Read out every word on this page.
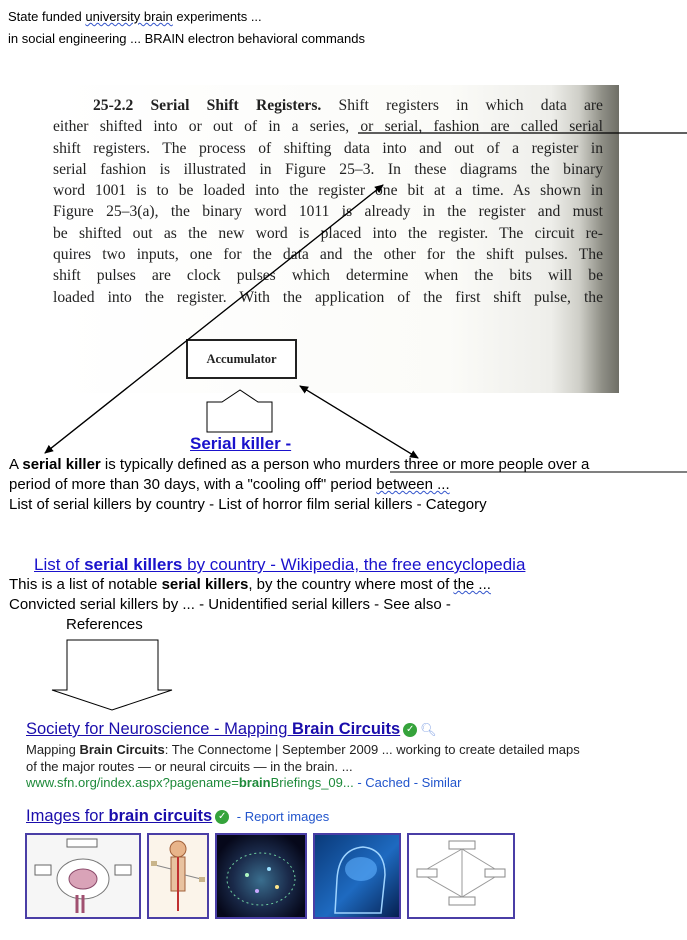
State funded university brain experiments ...
in social engineering ... BRAIN electron behavioral commands
25-2.2 Serial Shift Registers. Shift registers in which data are
either shifted into or out of in a series, or serial, fashion are called serial
shift registers. The process of shifting data into and out of a register in
serial fashion is illustrated in Figure 25–3. In these diagrams the binary
word 1001 is to be loaded into the register one bit at a time. As shown in
Figure 25–3(a), the binary word 1011 is already in the register and must
be shifted out as the new word is placed into the register. The circuit re-
quires two inputs, one for the data and the other for the shift pulses. The
shift pulses are clock pulses which determine when the bits will be
loaded into the register. With the application of the first shift pulse, the
Accumulator
Serial killer -
A serial killer is typically defined as a person who murders three or more people over a
period of more than 30 days, with a "cooling off" period between ...
List of serial killers by country - List of horror film serial killers - Category
List of serial killers by country - Wikipedia, the free encyclopedia
This is a list of notable serial killers, by the country where most of the ...
Convicted serial killers by ... - Unidentified serial killers - See also -
References
Society for Neuroscience - Mapping Brain Circuits ✓ 🔍︎
Mapping Brain Circuits: The Connectome | September 2009 ... working to create detailed maps
of the major routes — or neural circuits — in the brain. ...
www.sfn.org/index.aspx?pagename=brainBriefings_09... - Cached - Similar
Images for brain circuits ✓ - Report images
